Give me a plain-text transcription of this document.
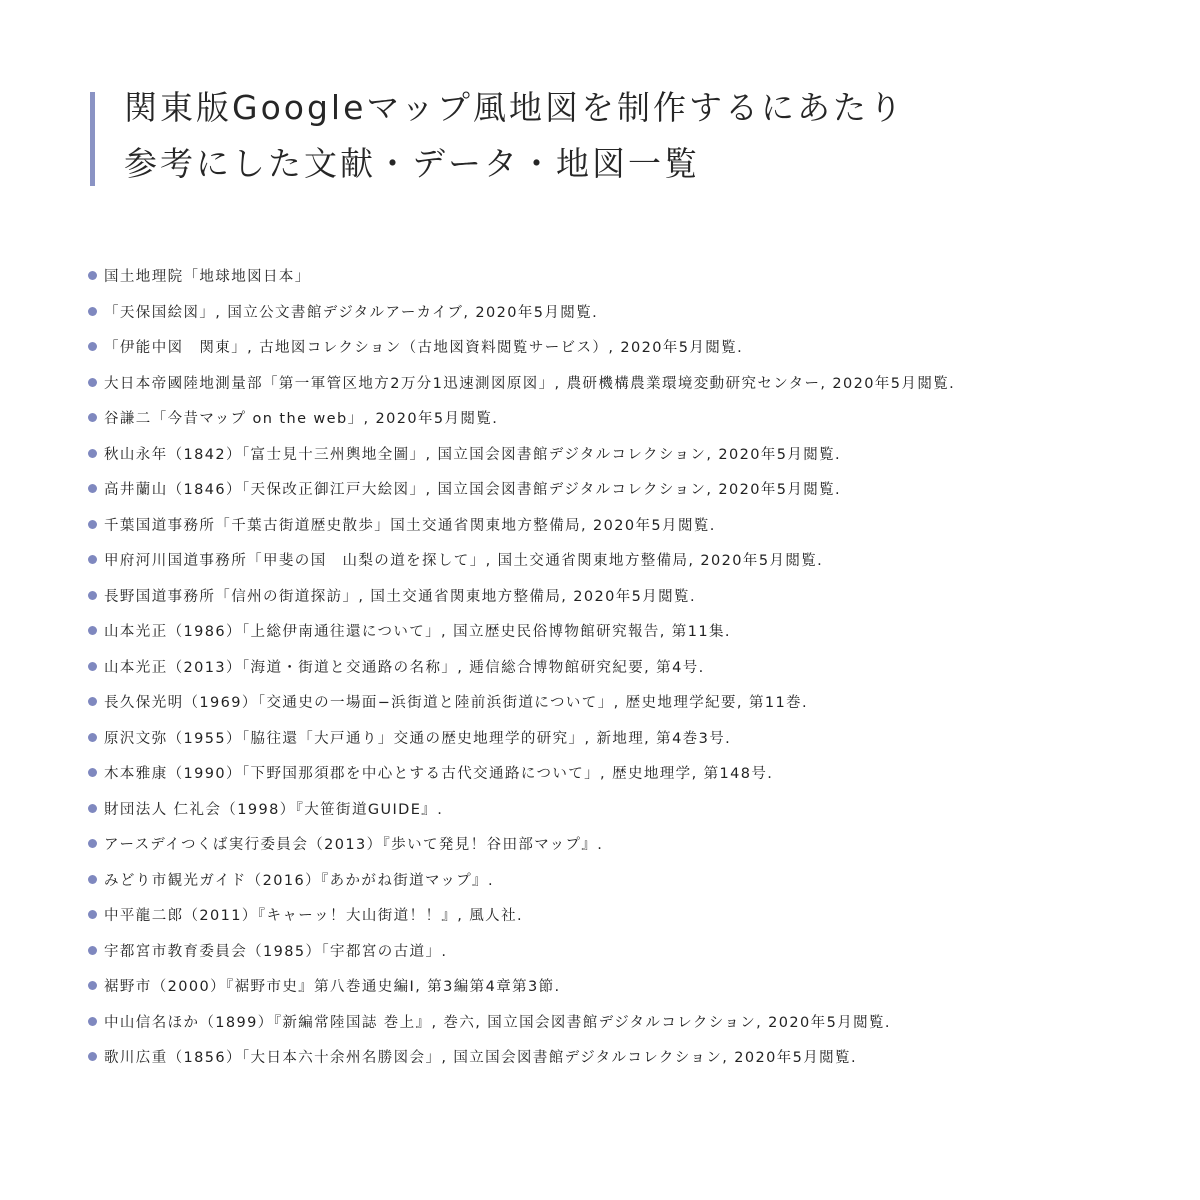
関東版Googleマップ風地図を制作するにあたり
参考にした文献・データ・地図一覧
国土地理院「地球地図日本」
「天保国絵図」, 国立公文書館デジタルアーカイブ, 2020年5月閲覧.
「伊能中図　関東」, 古地図コレクション（古地図資料閲覧サービス）, 2020年5月閲覧.
大日本帝國陸地測量部「第一軍管区地方2万分1迅速測図原図」, 農研機構農業環境変動研究センター, 2020年5月閲覧.
谷謙二「今昔マップ on the web」, 2020年5月閲覧.
秋山永年（1842）「富士見十三州輿地全圖」, 国立国会図書館デジタルコレクション, 2020年5月閲覧.
高井蘭山（1846）「天保改正御江戸大絵図」, 国立国会図書館デジタルコレクション, 2020年5月閲覧.
千葉国道事務所「千葉古街道歴史散歩」国土交通省関東地方整備局, 2020年5月閲覧.
甲府河川国道事務所「甲斐の国　山梨の道を探して」, 国土交通省関東地方整備局, 2020年5月閲覧.
長野国道事務所「信州の街道探訪」, 国土交通省関東地方整備局, 2020年5月閲覧.
山本光正（1986）「上総伊南通往還について」, 国立歴史民俗博物館研究報告, 第11集.
山本光正（2013）「海道・街道と交通路の名称」, 逓信総合博物館研究紀要, 第4号.
長久保光明（1969）「交通史の一場面−浜街道と陸前浜街道について」, 歴史地理学紀要, 第11巻.
原沢文弥（1955）「脇往還「大戸通り」交通の歴史地理学的研究」, 新地理, 第4巻3号.
木本雅康（1990）「下野国那須郡を中心とする古代交通路について」, 歴史地理学, 第148号.
財団法人 仁礼会（1998）『大笹街道GUIDE』.
アースデイつくば実行委員会（2013）『歩いて発見！谷田部マップ』.
みどり市観光ガイド（2016）『あかがね街道マップ』.
中平龍二郎（2011）『キャーッ！大山街道！！』, 風人社.
宇都宮市教育委員会（1985）「宇都宮の古道」.
裾野市（2000）『裾野市史』第八巻通史編Ⅰ, 第3編第4章第3節.
中山信名ほか（1899）『新編常陸国誌 巻上』, 巻六, 国立国会図書館デジタルコレクション, 2020年5月閲覧.
歌川広重（1856）「大日本六十余州名勝図会」, 国立国会図書館デジタルコレクション, 2020年5月閲覧.
